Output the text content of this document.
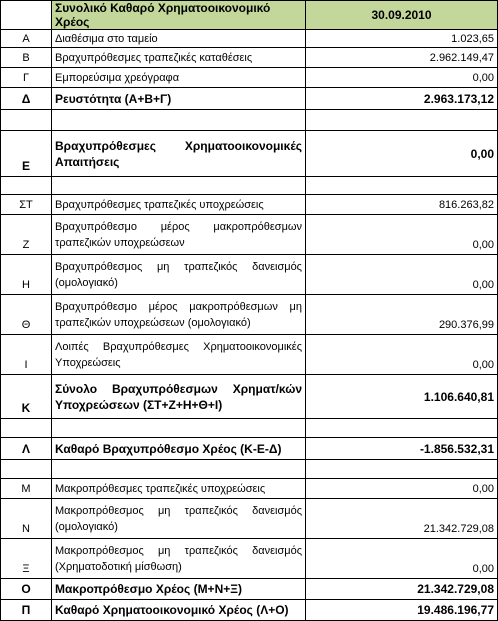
	Συνολικό Καθαρό Χρηματοοικονομικό Χρέος	30.09.2010
Α	Διαθέσιμα στο ταμείο	1.023,65
Β	Βραχυπρόθεσμες τραπεζικές καταθέσεις	2.962.149,47
Γ	Εμπορεύσιμα χρεόγραφα	0,00
Δ	Ρευστότητα (Α+Β+Γ)	2.963.173,12

Ε	Βραχυπρόθεσμες Χρηματοοικονομικές Απαιτήσεις	0,00

ΣΤ	Βραχυπρόθεσμες τραπεζικές υποχρεώσεις	816.263,82
Ζ	Βραχυπρόθεσμο μέρος μακροπρόθεσμων τραπεζικών υποχρεώσεων	0,00
Η	Βραχυπρόθεσμος μη τραπεζικός δανεισμός (ομολογιακό)	0,00
Θ	Βραχυπρόθεσμο μέρος μακροπρόθεσμων μη τραπεζικών υποχρεώσεων (ομολογιακό)	290.376,99
Ι	Λοιπές Βραχυπρόθεσμες Χρηματοοικονομικές Υποχρεώσεις	0,00
Κ	Σύνολο Βραχυπρόθεσμων Χρηματ/κών Υποχρεώσεων (ΣΤ+Ζ+Η+Θ+Ι)	1.106.640,81

Λ	Καθαρό Βραχυπρόθεσμο Χρέος (Κ-Ε-Δ)	-1.856.532,31

Μ	Μακροπρόθεσμες τραπεζικές υποχρεώσεις	0,00
Ν	Μακροπρόθεσμος μη τραπεζικός δανεισμός (ομολογιακό)	21.342.729,08
Ξ	Μακροπρόθεσμος μη τραπεζικός δανεισμός (Χρηματοδοτική μίσθωση)	0,00
Ο	Μακροπρόθεσμο Χρέος (Μ+Ν+Ξ)	21.342.729,08
Π	Καθαρό Χρηματοοικονομικό Χρέος (Λ+Ο)	19.486.196,77
